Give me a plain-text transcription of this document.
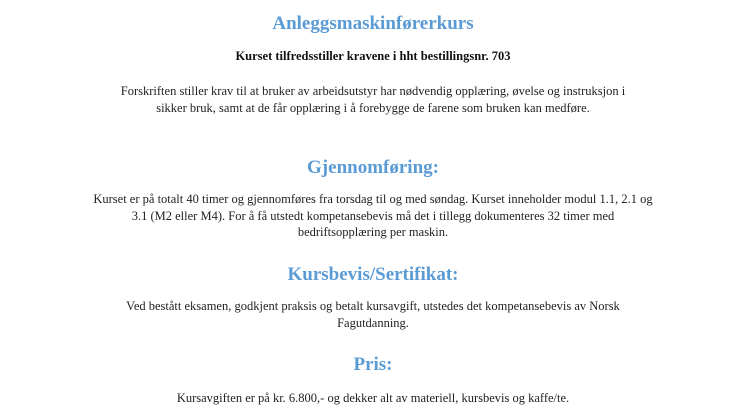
Anleggsmaskinførerkurs

Kurset tilfredsstiller kravene i hht bestillingsnr. 703

Forskriften stiller krav til at bruker av arbeidsutstyr har nødvendig opplæring, øvelse og instruksjon i sikker bruk, samt at de får opplæring i å forebygge de farene som bruken kan medføre.

Gjennomføring:

Kurset er på totalt 40 timer og gjennomføres fra torsdag til og med søndag. Kurset inneholder modul 1.1, 2.1 og 3.1 (M2 eller M4). For å få utstedt kompetansebevis må det i tillegg dokumenteres 32 timer med bedriftsopplæring per maskin.

Kursbevis/Sertifikat:

Ved bestått eksamen, godkjent praksis og betalt kursavgift, utstedes det kompetansebevis av Norsk Fagutdanning.

Pris:

Kursavgiften er på kr. 6.800,- og dekker alt av materiell, kursbevis og kaffe/te.
